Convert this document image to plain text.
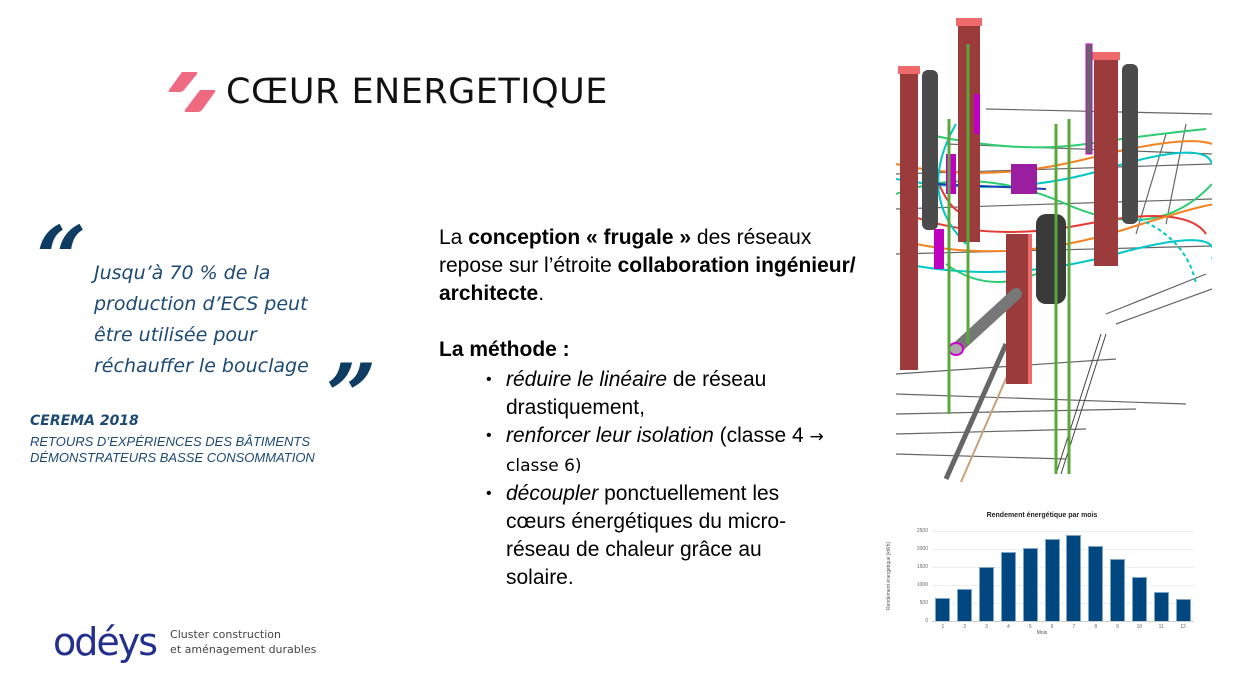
CŒUR ENERGETIQUE
“ Jusqu’à 70 % de la production d’ECS peut être utilisée pour réchauffer le bouclage ”
CEREMA 2018
RETOURS D’EXPÉRIENCES DES BÂTIMENTS
DÉMONSTRATEURS BASSE CONSOMMATION
La conception « frugale » des réseaux repose sur l’étroite collaboration ingénieur/ architecte.
La méthode :
• réduire le linéaire de réseau drastiquement,
• renforcer leur isolation (classe 4 → classe 6)
• découpler ponctuellement les cœurs énergétiques du micro-réseau de chaleur grâce au solaire.
Rendement énergétique par mois
Rendement énergétique [kWh]
0
500
1000
1500
2000
2500
1	2	3	4	5	6	7	8	9	10	11	12
Mois
odéys Cluster construction
et aménagement durables
